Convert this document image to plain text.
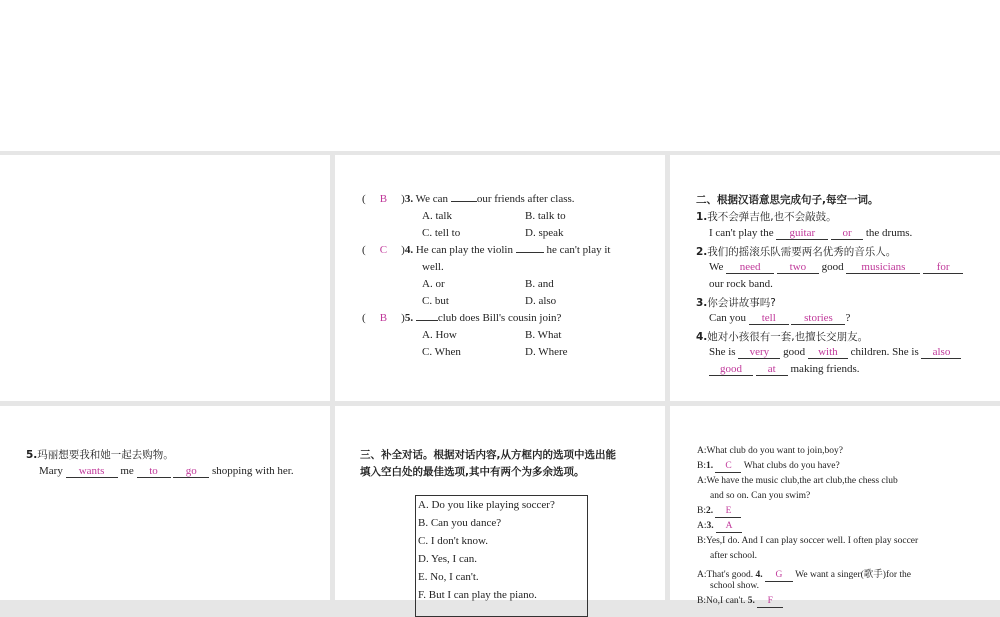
( B )3. We can	our friends after class.
A. talk	B. talk to
C. tell to	D. speak
( C )4. He can play the violin	he can't play it
well.
A. or	B. and
C. but	D. also
( B )5. club does Bill's cousin join?
A. How	B. What
C. When	D. Where
二、根据汉语意思完成句子,每空一词。
1.我不会弹吉他,也不会敲鼓。
I can't play the guitar or the drums.
2.我们的摇滚乐队需要两名优秀的音乐人。
We need	two good musicians	for
our rock band.
3.你会讲故事吗?
Can you tell	stories ?
4.她对小孩很有一套,也擅长交朋友。
She is very good with children. She is also
good at making friends.
5.玛丽想要我和她一起去购物。
Mary wants me to	go shopping with her.
三、补全对话。根据对话内容,从方框内的选项中选出能
填入空白处的最佳选项,其中有两个为多余选项。
A. Do you like playing soccer?
B. Can you dance?
C. I don't know.
D. Yes, I can.
E. No, I can't.
F. But I can play the piano.
A:What club do you want to join,boy?
B:1. C What clubs do you have?
A:We have the music club,the art club,the chess club
and so on. Can you swim?
B:2. E
A:3. A
B:Yes,I do. And I can play soccer well. I often play soccer
after school.
A:That's good. 4. G We want a singer(歌手)for the
school show.
B:No,I can't. 5. F
